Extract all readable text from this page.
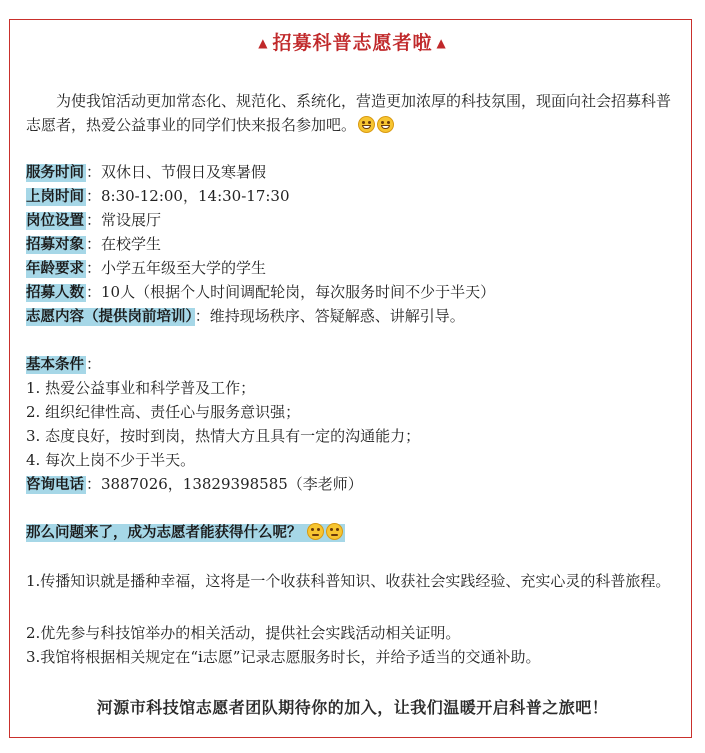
▲ 招募科普志愿者啦 ▲
为使我馆活动更加常态化、规范化、系统化，营造更加浓厚的科技氛围，现面向社会招募科普志愿者，热爱公益事业的同学们快来报名参加吧。
服务时间 ：双休日、节假日及寒暑假
上岗时间 ：8:30-12:00，14:30-17:30
岗位设置 ：常设展厅
招募对象 ：在校学生
年龄要求 ：小学五年级至大学的学生
招募人数 ：10人（根据个人时间调配轮岗，每次服务时间不少于半天）
志愿内容（提供岗前培训） ：维持现场秩序、答疑解惑、讲解引导。
基本条件 ：
1. 热爱公益事业和科学普及工作；
2. 组织纪律性高、责任心与服务意识强；
3. 态度良好，按时到岗，热情大方且具有一定的沟通能力；
4. 每次上岗不少于半天。
咨询电话 ：3887026，13829398585（李老师）
那么问题来了，成为志愿者能获得什么呢？
1.传播知识就是播种幸福，这将是一个收获科普知识、收获社会实践经验、充实心灵的科普旅程。
2.优先参与科技馆举办的相关活动，提供社会实践活动相关证明。
3.我馆将根据相关规定在“i志愿”记录志愿服务时长，并给予适当的交通补助。
河源市科技馆志愿者团队期待你的加入，让我们温暖开启科普之旅吧！
